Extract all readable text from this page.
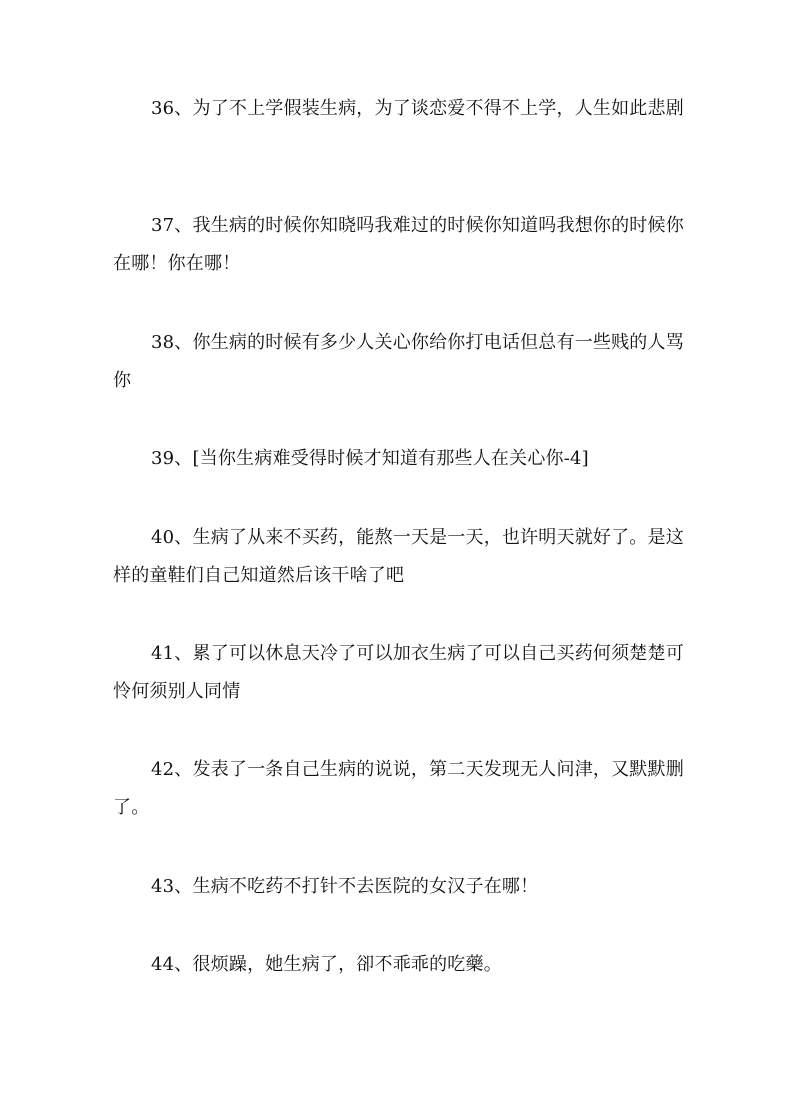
36、为了不上学假装生病，为了谈恋爱不得不上学，人生如此悲剧

37、我生病的时候你知晓吗我难过的时候你知道吗我想你的时候你在哪！你在哪！

38、你生病的时候有多少人关心你给你打电话但总有一些贱的人骂你

39、[当你生病难受得时候才知道有那些人在关心你-4]

40、生病了从来不买药，能熬一天是一天，也许明天就好了。是这样的童鞋们自己知道然后该干啥了吧

41、累了可以休息天冷了可以加衣生病了可以自己买药何须楚楚可怜何须别人同情

42、发表了一条自己生病的说说，第二天发现无人问津，又默默删了。

43、生病不吃药不打针不去医院的女汉子在哪！

44、很烦躁，她生病了，卻不乖乖的吃藥。
